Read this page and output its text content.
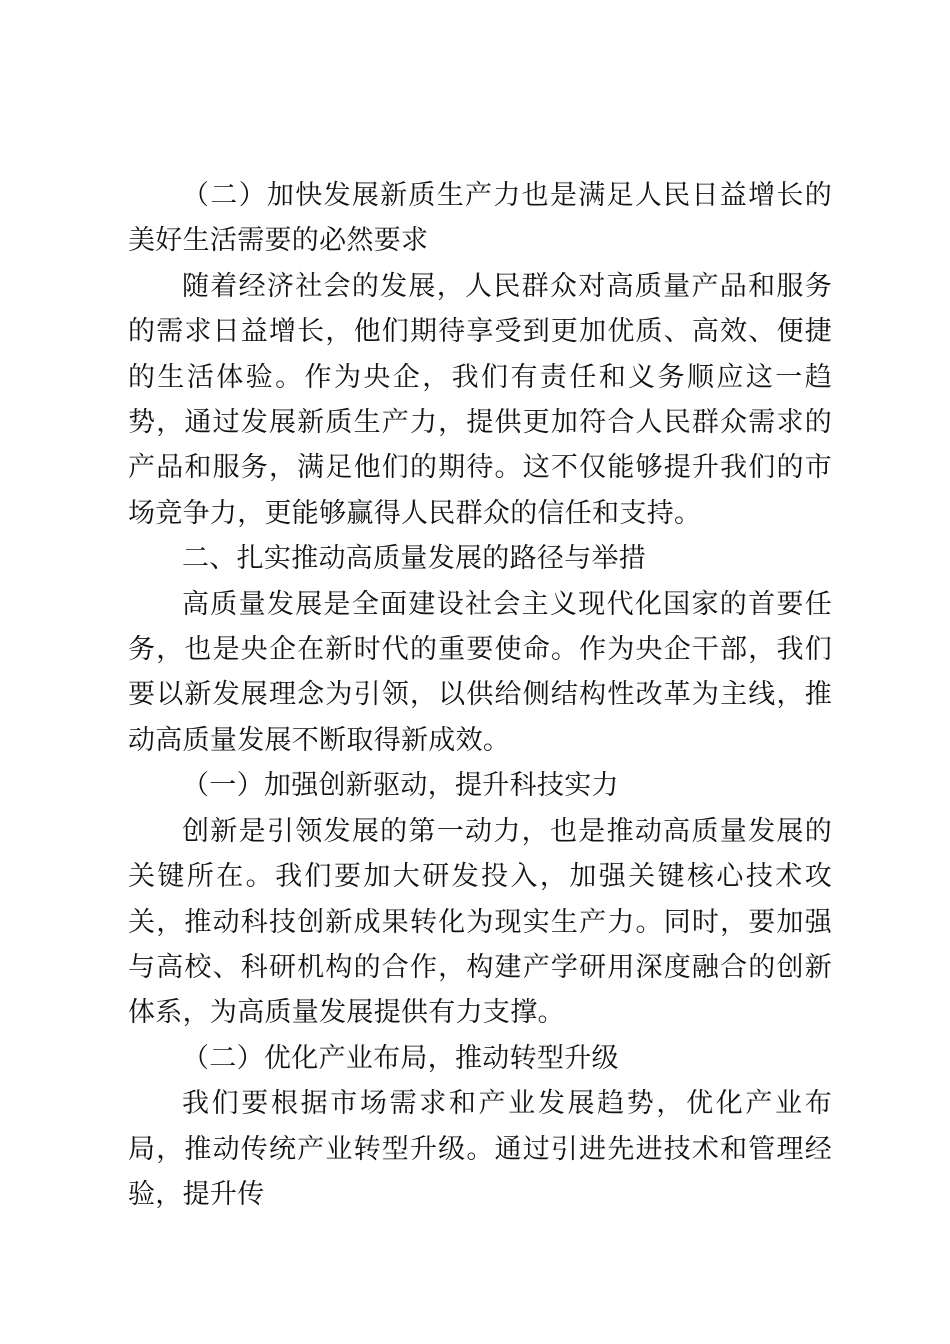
（二）加快发展新质生产力也是满足人民日益增长的美好生活需要的必然要求

随着经济社会的发展，人民群众对高质量产品和服务的需求日益增长，他们期待享受到更加优质、高效、便捷的生活体验。作为央企，我们有责任和义务顺应这一趋势，通过发展新质生产力，提供更加符合人民群众需求的产品和服务，满足他们的期待。这不仅能够提升我们的市场竞争力，更能够赢得人民群众的信任和支持。

二、扎实推动高质量发展的路径与举措

高质量发展是全面建设社会主义现代化国家的首要任务，也是央企在新时代的重要使命。作为央企干部，我们要以新发展理念为引领，以供给侧结构性改革为主线，推动高质量发展不断取得新成效。

（一）加强创新驱动，提升科技实力

创新是引领发展的第一动力，也是推动高质量发展的关键所在。我们要加大研发投入，加强关键核心技术攻关，推动科技创新成果转化为现实生产力。同时，要加强与高校、科研机构的合作，构建产学研用深度融合的创新体系，为高质量发展提供有力支撑。

（二）优化产业布局，推动转型升级

我们要根据市场需求和产业发展趋势，优化产业布局，推动传统产业转型升级。通过引进先进技术和管理经验，提升传
